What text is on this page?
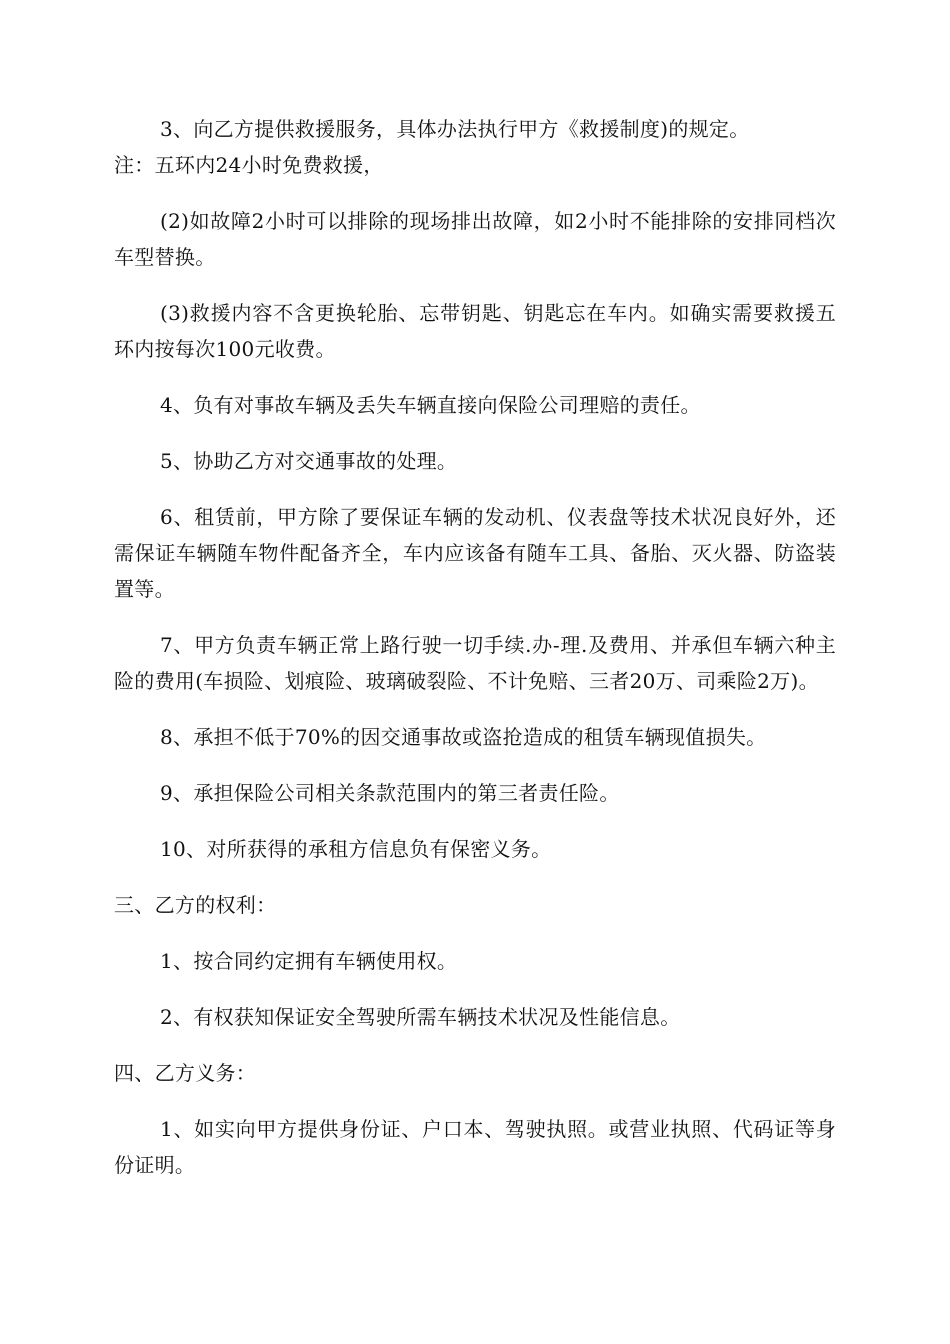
3、向乙方提供救援服务，具体办法执行甲方《救援制度)的规定。

注：五环内24小时免费救援，

(2)如故障2小时可以排除的现场排出故障，如2小时不能排除的安排同档次车型替换。

(3)救援内容不含更换轮胎、忘带钥匙、钥匙忘在车内。如确实需要救援五环内按每次100元收费。

4、负有对事故车辆及丢失车辆直接向保险公司理赔的责任。

5、协助乙方对交通事故的处理。

6、租赁前，甲方除了要保证车辆的发动机、仪表盘等技术状况良好外，还需保证车辆随车物件配备齐全，车内应该备有随车工具、备胎、灭火器、防盗装置等。

7、甲方负责车辆正常上路行驶一切手续.办-理.及费用、并承但车辆六种主险的费用(车损险、划痕险、玻璃破裂险、不计免赔、三者20万、司乘险2万)。

8、承担不低于70%的因交通事故或盗抢造成的租赁车辆现值损失。

9、承担保险公司相关条款范围内的第三者责任险。

10、对所获得的承租方信息负有保密义务。

三、乙方的权利：

1、按合同约定拥有车辆使用权。

2、有权获知保证安全驾驶所需车辆技术状况及性能信息。

四、乙方义务：

1、如实向甲方提供身份证、户口本、驾驶执照。或营业执照、代码证等身份证明。
